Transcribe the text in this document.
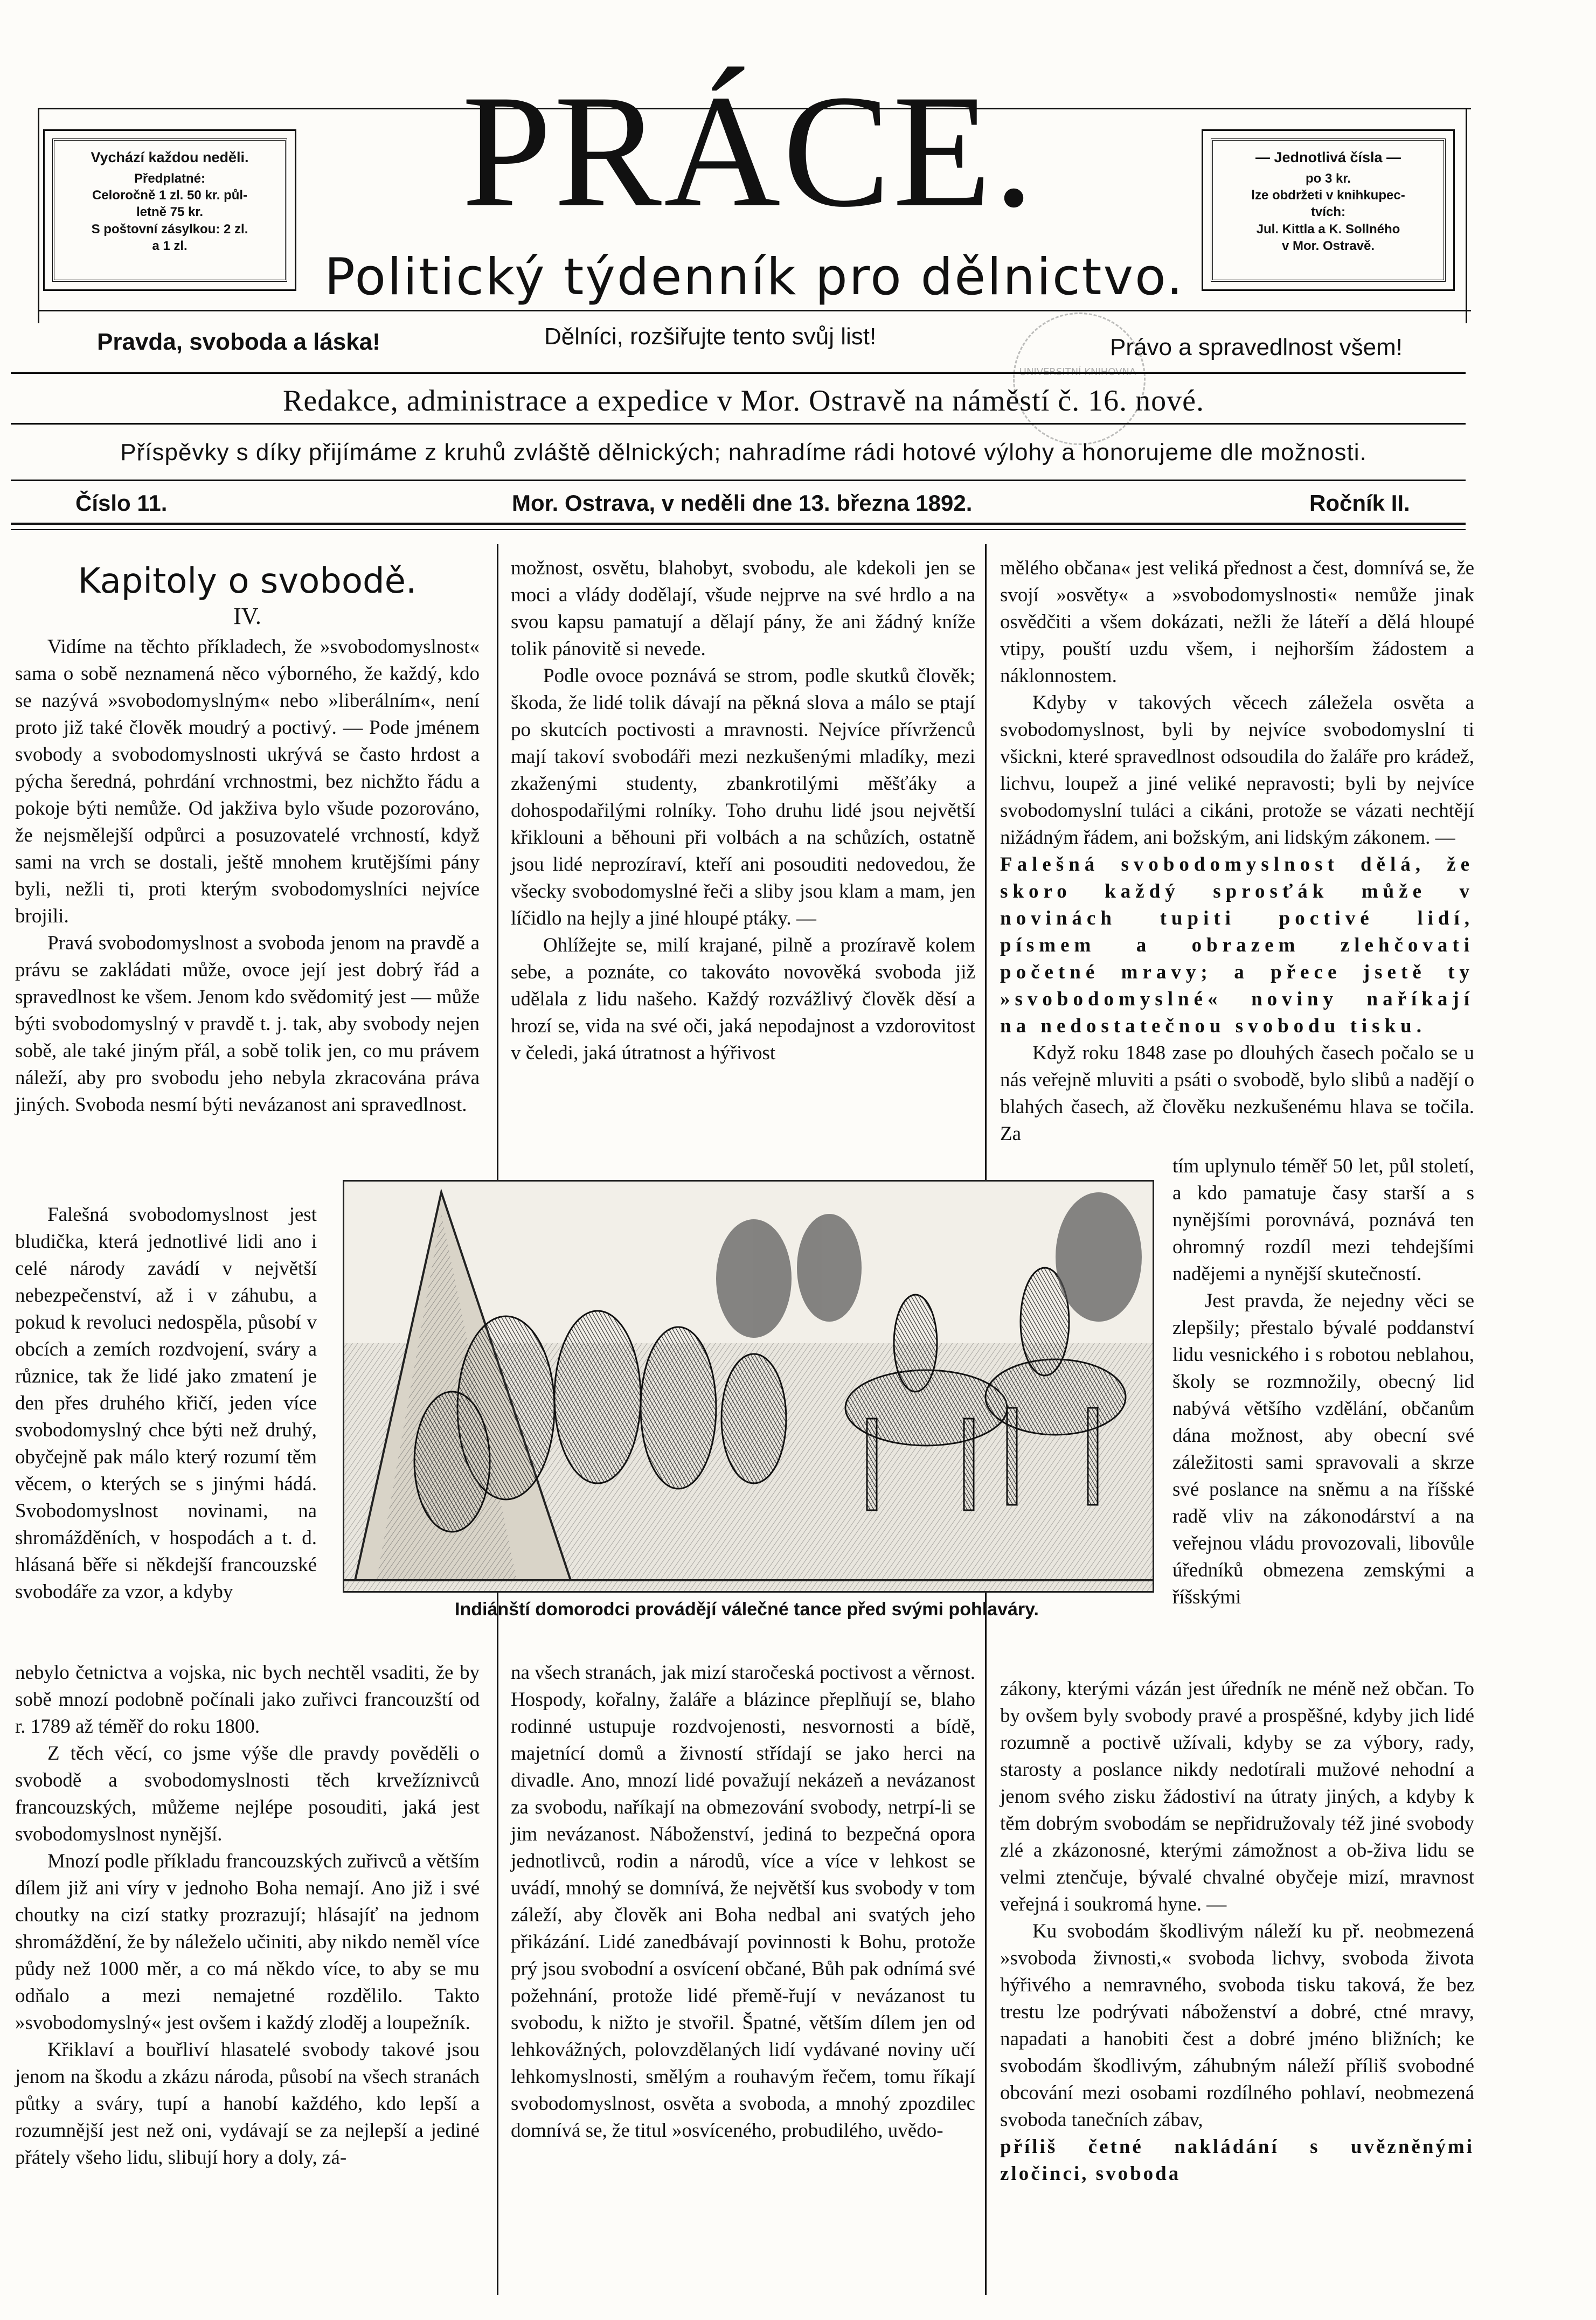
Vychází každou neděli.
Předplatné:
Celoročně 1 zl. 50 kr. půl-
letně 75 kr.
S poštovní zásylkou: 2 zl.
a 1 zl.
— Jednotlivá čísla —
po 3 kr.
lze obdržeti v knihkupec-
tvích:
Jul. Kittla a K. Sollného
v Mor. Ostravě.
PRÁCE.
Politický týdenník pro dělnictvo.
Pravda, svoboda a láska!	Dělníci, rozšiřujte tento svůj list!	Právo a spravedlnost všem!
Redakce, administrace a expedice v Mor. Ostravě na náměstí č. 16. nové.
Příspěvky s díky přijímáme z kruhů zvláště dělnických; nahradíme rádi hotové výlohy a honorujeme dle možnosti.
Číslo 11.	Mor. Ostrava, v neděli dne 13. března 1892.	Ročník II.
Kapitoly o svobodě.
IV.

Vidíme na těchto příkladech, že »svobodomyslnost« sama o sobě neznamená něco výborného, že každý, kdo se nazývá »svobodomyslným« nebo »liberálním«, není proto již také člověk moudrý a poctivý. — Pode jménem svobody a svobodomyslnosti ukrývá se často hrdost a pýcha šeredná, pohrdání vrchnostmi, bez nichžto řádu a pokoje býti nemůže. Od jakživa bylo všude pozorováno, že nejsmělejší odpůrci a posuzovatelé vrchností, když sami na vrch se dostali, ještě mnohem krutějšími pány byli, nežli ti, proti kterým svobodomyslníci nejvíce brojili.

Pravá svobodomyslnost a svoboda jenom na pravdě a právu se zakládati může, ovoce její jest dobrý řád a spravedlnost ke všem. Jenom kdo svědomitý jest — může býti svobodomyslný v pravdě t. j. tak, aby svobody nejen sobě, ale také jiným přál, a sobě tolik jen, co mu právem náleží, aby pro svobodu jeho nebyla zkracována práva jiných. Svoboda nesmí býti nevázanost ani spravedlnost.

Falešná svobodomyslnost jest bludička, která jednotlivé lidi ano i celé národy zavádí v největší nebezpečenství, až i v záhubu, a pokud k revoluci nedospěla, působí v obcích a zemích rozdvojení, sváry a různice, tak že lidé jako zmatení je den přes druhého křičí, jeden více svobodomyslný chce býti než druhý, obyčejně pak málo který rozumí těm věcem, o kterých se s jinými hádá. Svobodomyslnost novinami, na shromážděních, v hospodách a t. d. hlásaná běře si někdejší francouzské svobodáře za vzor, a kdyby

nebylo četnictva a vojska, nic bych nechtěl vsaditi, že by sobě mnozí podobně počínali jako zuřivci francouzští od r. 1789 až téměř do roku 1800.

Z těch věcí, co jsme výše dle pravdy pověděli o svobodě a svobodomyslnosti těch krvežíznivců francouzských, můžeme nejlépe posouditi, jaká jest svobodomyslnost nynější.

Mnozí podle příkladu francouzských zuřivců a větším dílem již ani víry v jednoho Boha nemají. Ano již i své choutky na cizí statky prozrazují; hlásajíť na jednom shromáždění, že by náleželo učiniti, aby nikdo neměl více půdy než 1000 měr, a co má někdo více, to aby se mu odňalo a mezi nemajetné rozdělilo. Takto »svobodomyslný« jest ovšem i každý zloděj a loupežník.

Křiklaví a bouřliví hlasatelé svobody takové jsou jenom na škodu a zkázu národa, působí na všech stranách půtky a sváry, tupí a hanobí každého, kdo lepší a rozumnější jest než oni, vydávají se za nejlepší a jediné přátely všeho lidu, slibují hory a doly, zá-

možnost, osvětu, blahobyt, svobodu, ale kdekoli jen se moci a vlády dodělají, všude nejprve na své hrdlo a na svou kapsu pamatují a dělají pány, že ani žádný kníže tolik pánovitě si nevede.

Podle ovoce poznává se strom, podle skutků člověk; škoda, že lidé tolik dávají na pěkná slova a málo se ptají po skutcích poctivosti a mravnosti. Nejvíce přívrženců mají takoví svobodáři mezi nezkušenými mladíky, mezi zkaženými studenty, zbankrotilými měšťáky a dohospodařilými rolníky. Toho druhu lidé jsou největší křiklouni a běhouni při volbách a na schůzích, ostatně jsou lidé neprozíraví, kteří ani posouditi nedovedou, že všecky svobodomyslné řeči a sliby jsou klam a mam, jen líčidlo na hejly a jiné hloupé ptáky. —

Ohlížejte se, milí krajané, pilně a prozíravě kolem sebe, a poznáte, co takováto novověká svoboda již udělala z lidu našeho. Každý rozvážlivý člověk děsí a hrozí se, vida na své oči, jaká nepodajnost a vzdorovitost v čeledi, jaká útratnost a hýřivost

na všech stranách, jak mizí staročeská poctivost a věrnost. Hospody, kořalny, žaláře a blázince přeplňují se, blaho rodinné ustupuje rozdvojenosti, nesvornosti a bídě, majetnící domů a živností střídají se jako herci na divadle. Ano, mnozí lidé považují nekázeň a nevázanost za svobodu, naříkají na obmezování svobody, netrpí-li se jim nevázanost. Náboženství, jediná to bezpečná opora jednotlivců, rodin a národů, více a více v lehkost se uvádí, mnohý se domnívá, že největší kus svobody v tom záleží, aby člověk ani Boha nedbal ani svatých jeho přikázání. Lidé zanedbávají povinnosti k Bohu, protože prý jsou svobodní a osvícení občané, Bůh pak odnímá své požehnání, protože lidé přemě-řují v nevázanost tu svobodu, k nižto je stvořil. Špatné, větším dílem jen od lehkovážných, polovzdělaných lidí vydávané noviny učí lehkomyslnosti, smělým a rouhavým řečem, tomu říkají svobodomyslnost, osvěta a svoboda, a mnohý zpozdilec domnívá se, že titul »osvíceného, probudilého, uvědo-

mělého občana« jest veliká přednost a čest, domnívá se, že svojí »osvěty« a »svobodomyslnosti« nemůže jinak osvědčiti a všem dokázati, nežli že láteří a dělá hloupé vtipy, pouští uzdu všem, i nejhorším žádostem a náklonnostem.

Kdyby v takových věcech záležela osvěta a svobodomyslnost, byli by nejvíce svobodomyslní ti všickni, které spravedlnost odsoudila do žaláře pro krádež, lichvu, loupež a jiné veliké nepravosti; byli by nejvíce svobodomyslní tuláci a cikáni, protože se vázati nechtějí nižádným řádem, ani božským, ani lidským zákonem. —

Falešná svobodomyslnost dělá, že skoro každý sprosťák může v novinách tupiti poctivé lidí, písmem a obrazem zlehčovati početné mravy; a přece jsetě ty »svobodomyslné« noviny naříkají na nedostatečnou svobodu tisku.

Když roku 1848 zase po dlouhých časech počalo se u nás veřejně mluviti a psáti o svobodě, bylo slibů a nadějí o blahých časech, až člověku nezkušenému hlava se točila. Za

tím uplynulo téměř 50 let, půl století, a kdo pamatuje časy starší a s nynějšími porovnává, poznává ten ohromný rozdíl mezi tehdejšími nadějemi a nynější skutečností.

Jest pravda, že nejedny věci se zlepšily; přestalo bývalé poddanství lidu vesnického i s robotou neblahou, školy se rozmnožily, obecný lid nabývá většího vzdělání, občanům dána možnost, aby obecní své záležitosti sami spravovali a skrze své poslance na sněmu a na říšské radě vliv na zákonodárství a na veřejnou vládu provozovali, libovůle úředníků obmezena zemskými a říšskými

zákony, kterými vázán jest úředník ne méně než občan. To by ovšem byly svobody pravé a prospěšné, kdyby jich lidé rozumně a poctivě užívali, kdyby se za výbory, rady, starosty a poslance nikdy nedotírali mužové nehodní a jenom svého zisku žádostiví na útraty jiných, a kdyby k těm dobrým svobodám se nepřidružovaly též jiné svobody zlé a zkázonosné, kterými zámožnost a ob-živa lidu se velmi ztenčuje, bývalé chvalné obyčeje mizí, mravnost veřejná i soukromá hyne. —

Ku svobodám škodlivým náleží ku př. neobmezená »svoboda živnosti,« svoboda lichvy, svoboda života hýřivého a nemravného, svoboda tisku taková, že bez trestu lze podrývati náboženství a dobré, ctné mravy, napadati a hanobiti čest a dobré jméno bližních; ke svobodám škodlivým, záhubným náleží příliš svobodné obcování mezi osobami rozdílného pohlaví, neobmezená svoboda tanečních zábav,

příliš četné nakládání s uvězněnými zločinci, svoboda

Indiánští domorodci provádějí válečné tance před svými pohlaváry.
